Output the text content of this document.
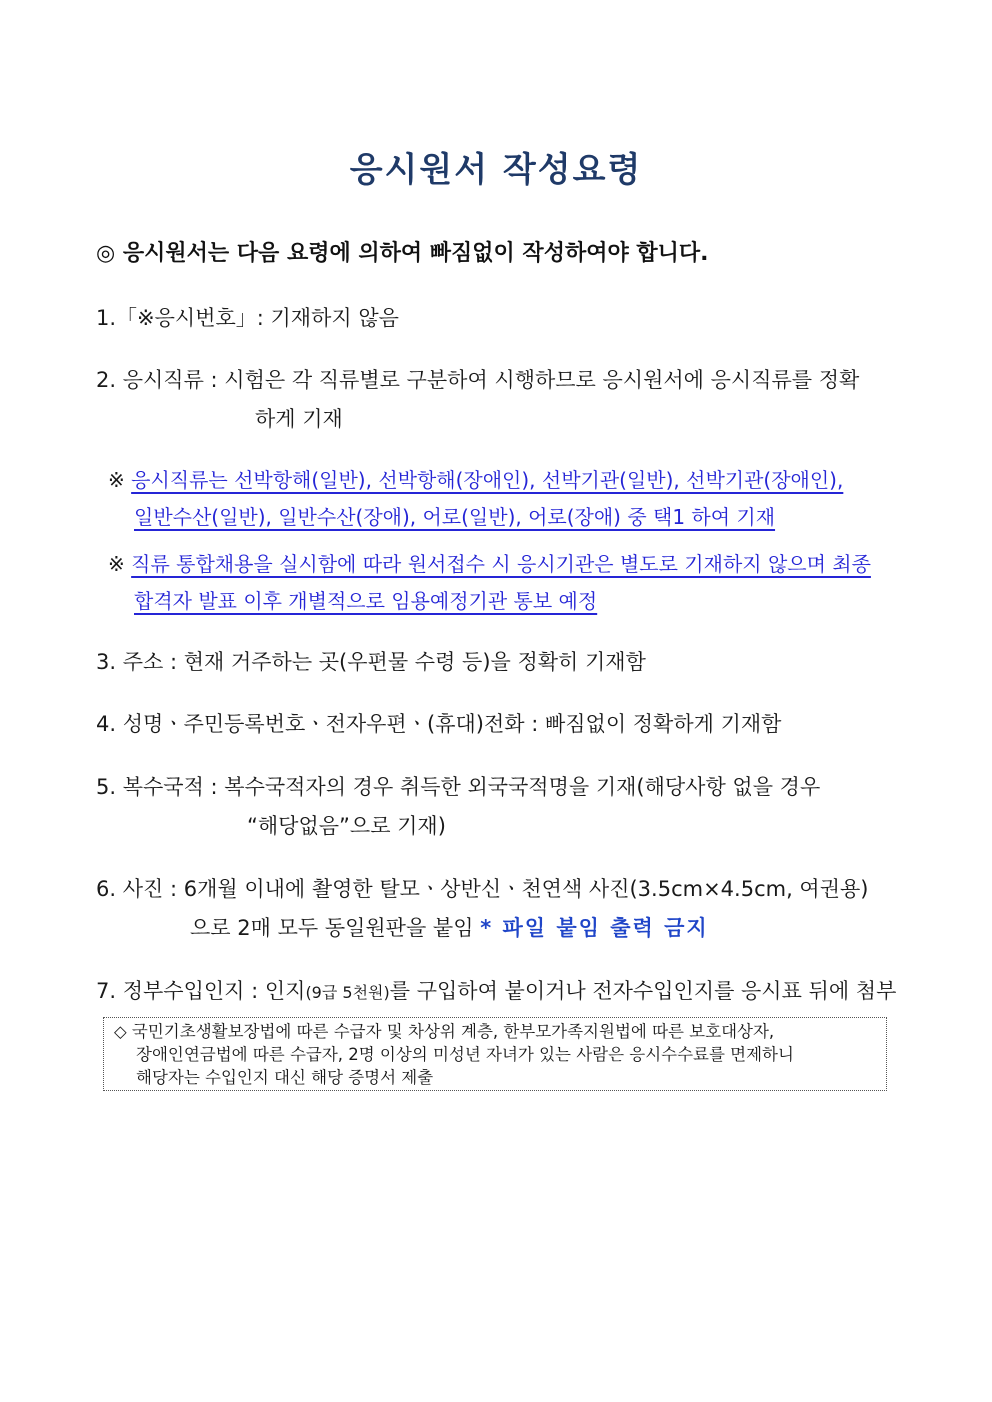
응시원서 작성요령
◎ 응시원서는 다음 요령에 의하여 빠짐없이 작성하여야 합니다.
1.「※응시번호」: 기재하지 않음
2. 응시직류 : 시험은 각 직류별로 구분하여 시행하므로 응시원서에 응시직류를 정확
하게 기재
※ 응시직류는 선박항해(일반), 선박항해(장애인), 선박기관(일반), 선박기관(장애인),
일반수산(일반), 일반수산(장애), 어로(일반), 어로(장애) 중 택1 하여 기재
※ 직류 통합채용을 실시함에 따라 원서접수 시 응시기관은 별도로 기재하지 않으며 최종
합격자 발표 이후 개별적으로 임용예정기관 통보 예정
3. 주소 : 현재 거주하는 곳(우편물 수령 등)을 정확히 기재함
4. 성명ㆍ주민등록번호ㆍ전자우편ㆍ(휴대)전화 : 빠짐없이 정확하게 기재함
5. 복수국적 : 복수국적자의 경우 취득한 외국국적명을 기재(해당사항 없을 경우
“해당없음”으로 기재)
6. 사진 : 6개월 이내에 촬영한 탈모ㆍ상반신ㆍ천연색 사진(3.5cm×4.5cm, 여권용)
으로 2매 모두 동일원판을 붙임 * 파일 붙임 출력 금지
7. 정부수입인지 : 인지(9급 5천원)를 구입하여 붙이거나 전자수입인지를 응시표 뒤에 첨부
◇ 국민기초생활보장법에 따른 수급자 및 차상위 계층, 한부모가족지원법에 따른 보호대상자,
장애인연금법에 따른 수급자, 2명 이상의 미성년 자녀가 있는 사람은 응시수수료를 면제하니
해당자는 수입인지 대신 해당 증명서 제출
